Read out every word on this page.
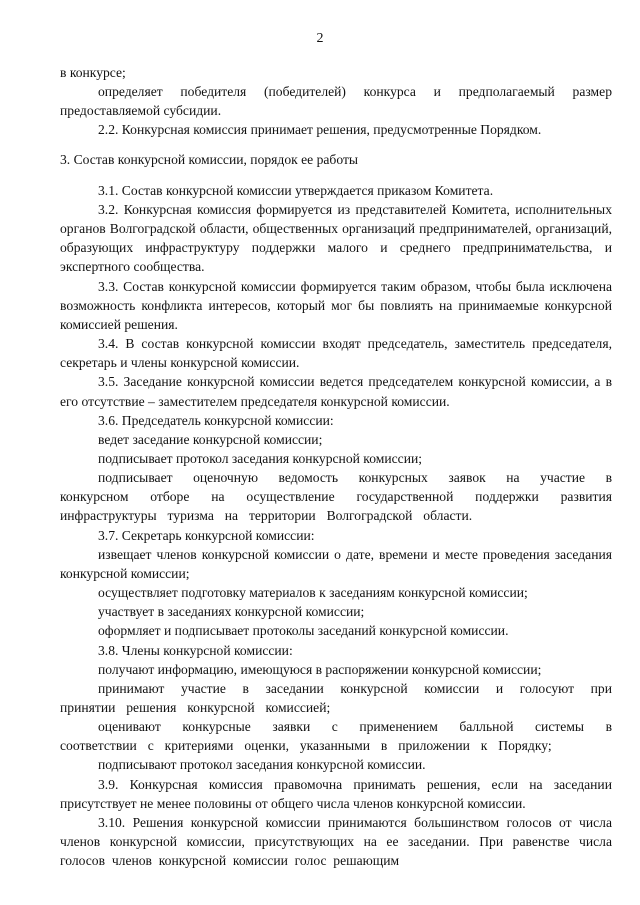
2
в конкурсе;
определяет победителя (победителей) конкурса и предполагаемый размер предоставляемой субсидии.
2.2. Конкурсная комиссия принимает решения, предусмотренные Порядком.
3. Состав конкурсной комиссии, порядок ее работы
3.1. Состав конкурсной комиссии утверждается приказом Комитета.
3.2. Конкурсная комиссия формируется из представителей Комитета, исполнительных органов Волгоградской области, общественных организаций предпринимателей, организаций, образующих инфраструктуру поддержки малого и среднего предпринимательства, и экспертного сообщества.
3.3. Состав конкурсной комиссии формируется таким образом, чтобы была исключена возможность конфликта интересов, который мог бы повлиять на принимаемые конкурсной комиссией решения.
3.4. В состав конкурсной комиссии входят председатель, заместитель председателя, секретарь и члены конкурсной комиссии.
3.5. Заседание конкурсной комиссии ведется председателем конкурсной комиссии, а в его отсутствие – заместителем председателя конкурсной комиссии.
3.6. Председатель конкурсной комиссии:
ведет заседание конкурсной комиссии;
подписывает протокол заседания конкурсной комиссии;
подписывает оценочную ведомость конкурсных заявок на участие в конкурсном отборе на осуществление государственной поддержки развития инфраструктуры туризма на территории Волгоградской области.
3.7. Секретарь конкурсной комиссии:
извещает членов конкурсной комиссии о дате, времени и месте проведения заседания конкурсной комиссии;
осуществляет подготовку материалов к заседаниям конкурсной комиссии;
участвует в заседаниях конкурсной комиссии;
оформляет и подписывает протоколы заседаний конкурсной комиссии.
3.8. Члены конкурсной комиссии:
получают информацию, имеющуюся в распоряжении конкурсной комиссии;
принимают участие в заседании конкурсной комиссии и голосуют при принятии решения конкурсной комиссией;
оценивают конкурсные заявки с применением балльной системы в соответствии с критериями оценки, указанными в приложении к Порядку;
подписывают протокол заседания конкурсной комиссии.
3.9. Конкурсная комиссия правомочна принимать решения, если на заседании присутствует не менее половины от общего числа членов конкурсной комиссии.
3.10. Решения конкурсной комиссии принимаются большинством голосов от числа членов конкурсной комиссии, присутствующих на ее заседании. При равенстве числа голосов членов конкурсной комиссии голос решающим
